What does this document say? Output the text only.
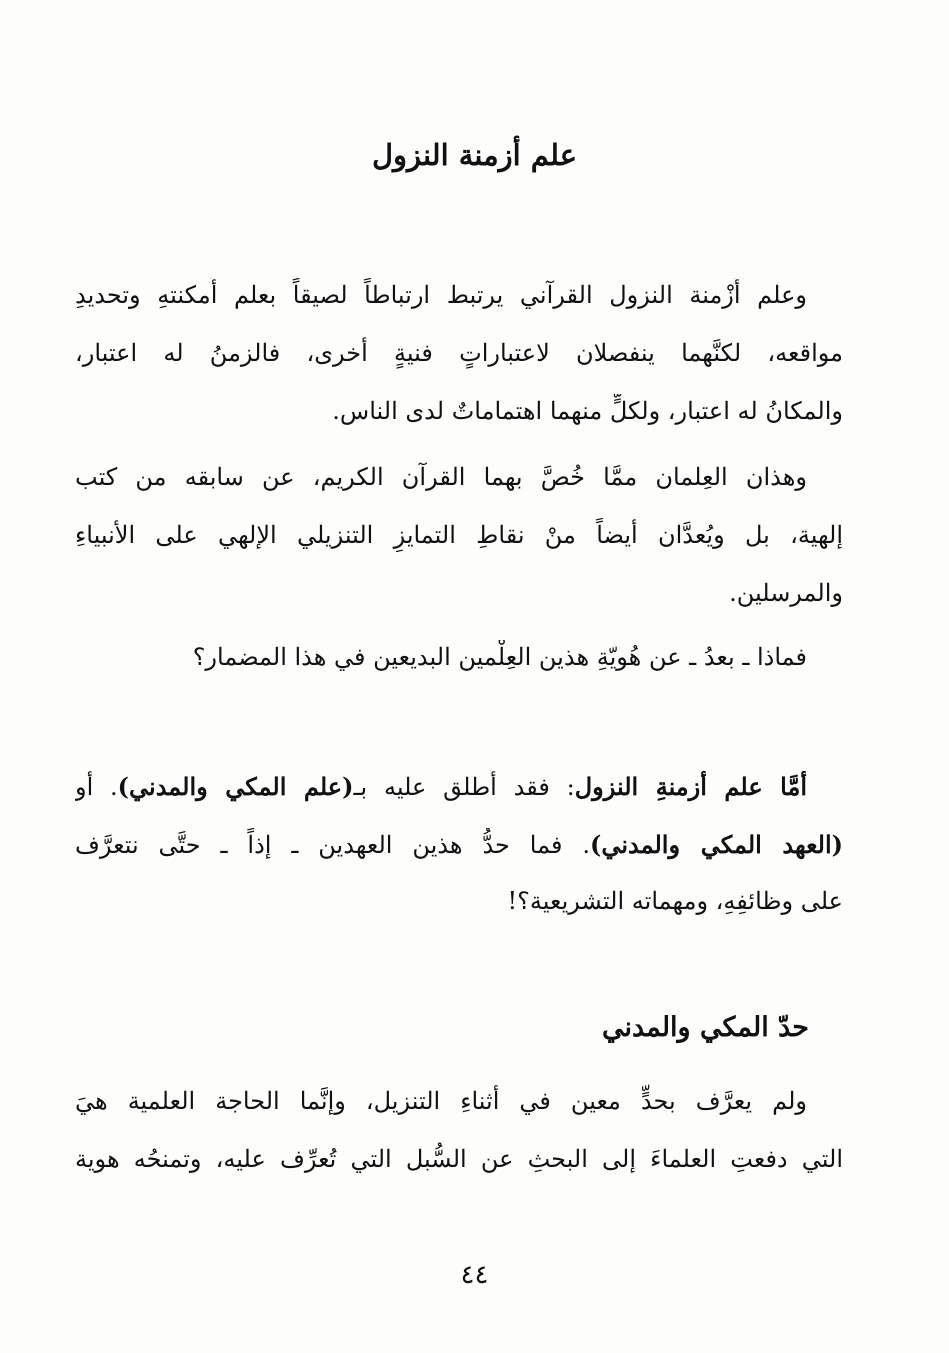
علم أزمنة النزول
وعلم أَزْمنة النزول القرآني يرتبط ارتباطاً لصيقاً بعلم أَمكنتهِ وتحديدِ
مواقعه، لكنَّهما ينفصلان لاعتباراتٍ فنيةٍ أخرى، فالزمنُ له اعتبار،
والمكانُ له اعتبار، ولكلٍّ منهما اهتماماتٌ لدى الناس.
وهذان العِلمان ممَّا خُصَّ بهما القرآن الكريم، عن سابقه من كتب
إلهية، بل ويُعدَّان أيضاً منْ نقاطِ التمايزِ التنزيلي الإلهي على الأنبياءِ
والمرسلين.
فماذا ـ بعدُ ـ عن هُويّةِ هذين العِلْمين البديعين في هذا المضمار؟
أمَّا علم أزمنةِ النزول: فقد أُطلق عليه بـ(علم المكي والمدني). أو
(العهد المكي والمدني). فما حدُّ هذين العهدين ـ إذاً ـ حتَّى نتعرَّف
على وظائفِهِ، ومهماته التشريعية؟!
حدّ المكي والمدني
ولم يعرَّف بحدٍّ معين في أثناءِ التنزيل، وإنَّما الحاجة العلمية هيَ
التي دفعتِ العلماءَ إلى البحثِ عن السُّبل التي تُعرِّف عليه، وتمنحُه هوية
٤٤
